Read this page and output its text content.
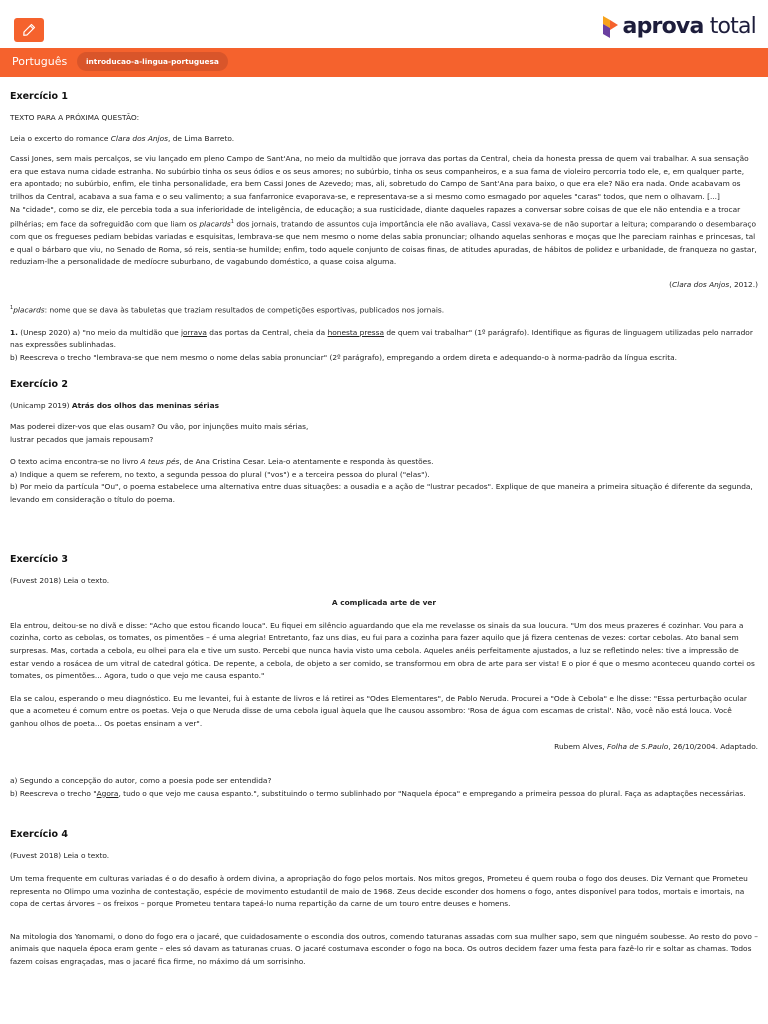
aprova total
Português	introducao-a-lingua-portuguesa
Exercício 1

TEXTO PARA A PRÓXIMA QUESTÃO:

Leia o excerto do romance Clara dos Anjos, de Lima Barreto.

Cassi Jones, sem mais percalços, se viu lançado em pleno Campo de Sant'Ana, no meio da multidão que jorrava das portas da Central, cheia da honesta pressa de quem vai trabalhar. A sua sensação era que estava numa cidade estranha. No subúrbio tinha os seus ódios e os seus amores; no subúrbio, tinha os seus companheiros, e a sua fama de violeiro percorria todo ele, e, em qualquer parte, era apontado; no subúrbio, enfim, ele tinha personalidade, era bem Cassi Jones de Azevedo; mas, ali, sobretudo do Campo de Sant'Ana para baixo, o que era ele? Não era nada. Onde acabavam os trilhos da Central, acabava a sua fama e o seu valimento; a sua fanfarronice evaporava-se, e representava-se a si mesmo como esmagado por aqueles "caras" todos, que nem o olhavam. [...]

Na "cidade", como se diz, ele percebia toda a sua inferioridade de inteligência, de educação; a sua rusticidade, diante daqueles rapazes a conversar sobre coisas de que ele não entendia e a trocar pilhérias; em face da sofreguidão com que liam os placards$^1$ dos jornais, tratando de assuntos cuja importância ele não avaliava, Cassi vexava-se de não suportar a leitura; comparando o desembaraço com que os fregueses pediam bebidas variadas e esquisitas, lembrava-se que nem mesmo o nome delas sabia pronunciar; olhando aquelas senhoras e moças que lhe pareciam rainhas e princesas, tal e qual o bárbaro que viu, no Senado de Roma, só reis, sentia-se humilde; enfim, todo aquele conjunto de coisas finas, de atitudes apuradas, de hábitos de polidez e urbanidade, de franqueza no gastar, reduziam-lhe a personalidade de medíocre suburbano, de vagabundo doméstico, a quase coisa alguma.

(Clara dos Anjos, 2012.)

$^1$placards: nome que se dava às tabuletas que traziam resultados de competições esportivas, publicados nos jornais.

1. (Unesp 2020) a) "no meio da multidão que jorrava das portas da Central, cheia da honesta pressa de quem vai trabalhar" (1º parágrafo). Identifique as figuras de linguagem utilizadas pelo narrador nas expressões sublinhadas.

b) Reescreva o trecho "lembrava-se que nem mesmo o nome delas sabia pronunciar" (2º parágrafo), empregando a ordem direta e adequando-o à norma-padrão da língua escrita.

Exercício 2

(Unicamp 2019) Atrás dos olhos das meninas sérias

Mas poderei dizer-vos que elas ousam? Ou vão, por injunções muito mais sérias,

lustrar pecados que jamais repousam?

O texto acima encontra-se no livro A teus pés, de Ana Cristina Cesar. Leia-o atentamente e responda às questões.

a) Indique a quem se referem, no texto, a segunda pessoa do plural ("vos") e a terceira pessoa do plural ("elas").

b) Por meio da partícula "Ou", o poema estabelece uma alternativa entre duas situações: a ousadia e a ação de "lustrar pecados". Explique de que maneira a primeira situação é diferente da segunda, levando em consideração o título do poema.

Exercício 3

(Fuvest 2018) Leia o texto.

A complicada arte de ver

Ela entrou, deitou-se no divã e disse: "Acho que estou ficando louca". Eu fiquei em silêncio aguardando que ela me revelasse os sinais da sua loucura. "Um dos meus prazeres é cozinhar. Vou para a cozinha, corto as cebolas, os tomates, os pimentões – é uma alegria! Entretanto, faz uns dias, eu fui para a cozinha para fazer aquilo que já fizera centenas de vezes: cortar cebolas. Ato banal sem surpresas. Mas, cortada a cebola, eu olhei para ela e tive um susto. Percebi que nunca havia visto uma cebola. Aqueles anéis perfeitamente ajustados, a luz se refletindo neles: tive a impressão de estar vendo a rosácea de um vitral de catedral gótica. De repente, a cebola, de objeto a ser comido, se transformou em obra de arte para ser vista! E o pior é que o mesmo aconteceu quando cortei os tomates, os pimentões... Agora, tudo o que vejo me causa espanto."

Ela se calou, esperando o meu diagnóstico. Eu me levantei, fui à estante de livros e lá retirei as "Odes Elementares", de Pablo Neruda. Procurei a "Ode à Cebola" e lhe disse: "Essa perturbação ocular que a acometeu é comum entre os poetas. Veja o que Neruda disse de uma cebola igual àquela que lhe causou assombro: 'Rosa de água com escamas de cristal'. Não, você não está louca. Você ganhou olhos de poeta... Os poetas ensinam a ver".

Rubem Alves, Folha de S.Paulo, 26/10/2004. Adaptado.

a) Segundo a concepção do autor, como a poesia pode ser entendida?

b) Reescreva o trecho "Agora, tudo o que vejo me causa espanto.", substituindo o termo sublinhado por "Naquela época" e empregando a primeira pessoa do plural. Faça as adaptações necessárias.

Exercício 4

(Fuvest 2018) Leia o texto.

Um tema frequente em culturas variadas é o do desafio à ordem divina, a apropriação do fogo pelos mortais. Nos mitos gregos, Prometeu é quem rouba o fogo dos deuses. Diz Vernant que Prometeu representa no Olimpo uma vozinha de contestação, espécie de movimento estudantil de maio de 1968. Zeus decide esconder dos homens o fogo, antes disponível para todos, mortais e imortais, na copa de certas árvores – os freixos – porque Prometeu tentara tapeá-lo numa repartição da carne de um touro entre deuses e homens.

Na mitologia dos Yanomami, o dono do fogo era o jacaré, que cuidadosamente o escondia dos outros, comendo taturanas assadas com sua mulher sapo, sem que ninguém soubesse. Ao resto do povo – animais que naquela época eram gente – eles só davam as taturanas cruas. O jacaré costumava esconder o fogo na boca. Os outros decidem fazer uma festa para fazê-lo rir e soltar as chamas. Todos fazem coisas engraçadas, mas o jacaré fica firme, no máximo dá um sorrisinho.
